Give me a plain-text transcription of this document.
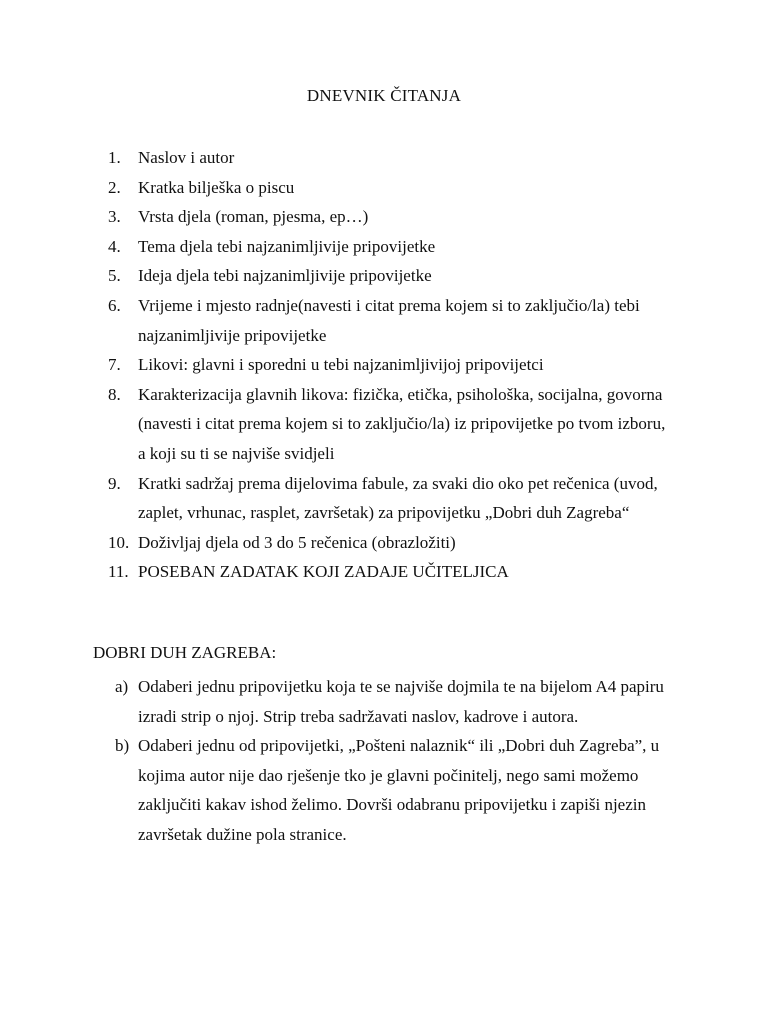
DNEVNIK ČITANJA
1.	Naslov i autor
2.	Kratka bilješka o piscu
3.	Vrsta djela (roman, pjesma, ep…)
4.	Tema djela tebi najzanimljivije pripovijetke
5.	Ideja djela tebi najzanimljivije pripovijetke
6.	Vrijeme i mjesto radnje(navesti i citat prema kojem si to zaključio/la) tebi najzanimljivije pripovijetke
7.	Likovi: glavni i sporedni u tebi najzanimljivijoj pripovijetci
8.	Karakterizacija glavnih likova: fizička, etička, psihološka, socijalna, govorna (navesti i citat prema kojem si to zaključio/la) iz pripovijetke po tvom izboru, a koji su ti se najviše svidjeli
9.	Kratki sadržaj prema dijelovima fabule, za svaki dio oko pet rečenica (uvod, zaplet, vrhunac, rasplet, završetak) za pripovijetku „Dobri duh Zagreba“
10. Doživljaj djela od 3 do 5 rečenica (obrazložiti)
11. POSEBAN ZADATAK KOJI ZADAJE UČITELJICA
DOBRI DUH ZAGREBA:
a) Odaberi jednu pripovijetku koja te se najviše dojmila te na bijelom A4 papiru izradi strip o njoj. Strip treba sadržavati naslov, kadrove i autora.
b) Odaberi jednu od pripovijetki, „Pošteni nalaznik“ ili „Dobri duh Zagreba”, u kojima autor nije dao rješenje tko je glavni počinitelj, nego sami možemo zaključiti kakav ishod želimo. Dovrši odabranu pripovijetku i zapiši njezin završetak dužine pola stranice.
